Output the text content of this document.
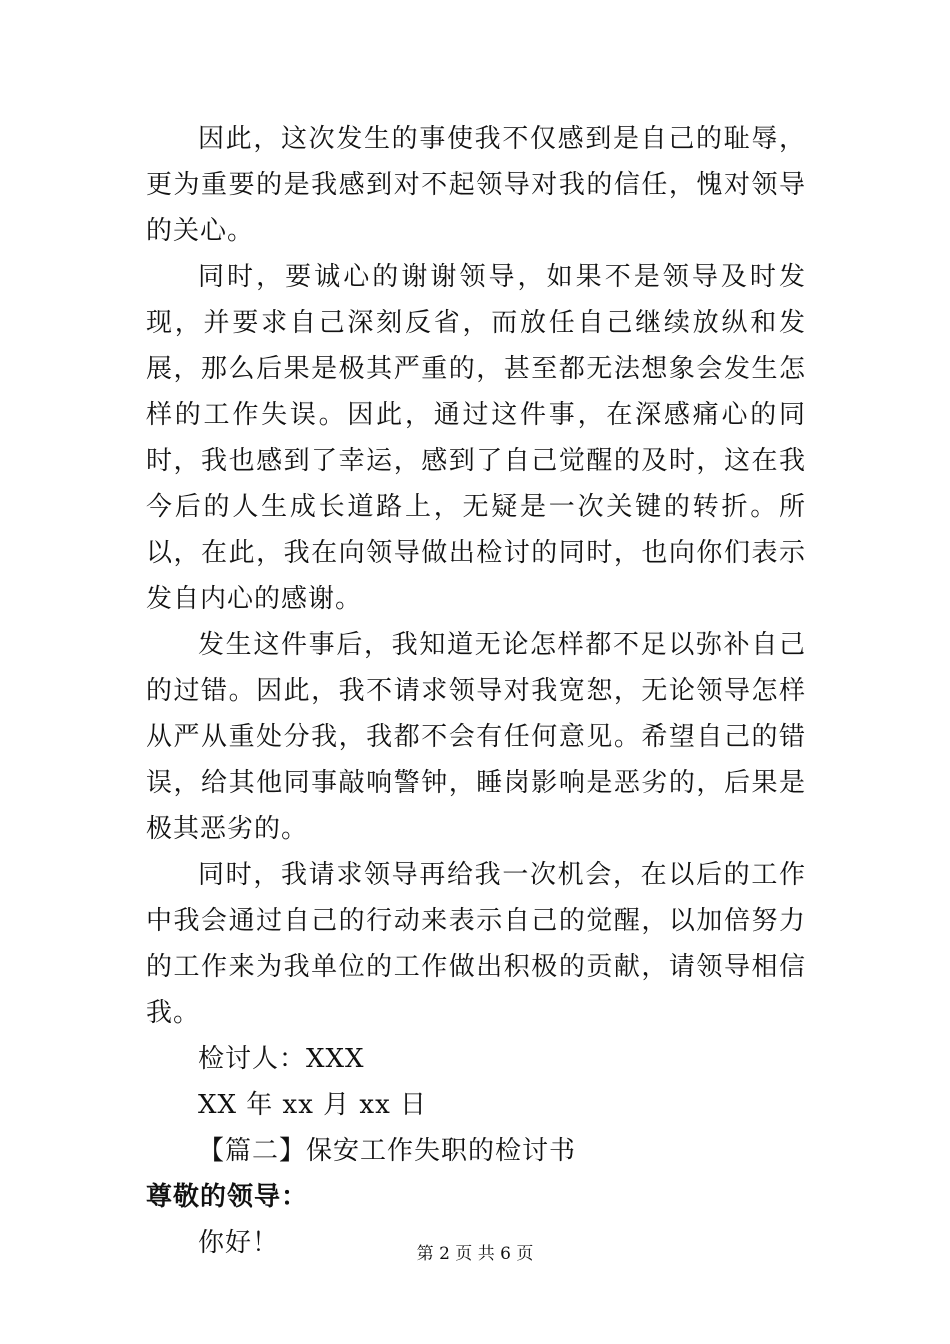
因此，这次发生的事使我不仅感到是自己的耻辱，更为重要的是我感到对不起领导对我的信任，愧对领导的关心。

同时，要诚心的谢谢领导，如果不是领导及时发现，并要求自己深刻反省，而放任自己继续放纵和发展，那么后果是极其严重的，甚至都无法想象会发生怎样的工作失误。因此，通过这件事，在深感痛心的同时，我也感到了幸运，感到了自己觉醒的及时，这在我今后的人生成长道路上，无疑是一次关键的转折。所以，在此，我在向领导做出检讨的同时，也向你们表示发自内心的感谢。

发生这件事后，我知道无论怎样都不足以弥补自己的过错。因此，我不请求领导对我宽恕，无论领导怎样从严从重处分我，我都不会有任何意见。希望自己的错误，给其他同事敲响警钟，睡岗影响是恶劣的，后果是极其恶劣的。

同时，我请求领导再给我一次机会，在以后的工作中我会通过自己的行动来表示自己的觉醒，以加倍努力的工作来为我单位的工作做出积极的贡献，请领导相信我。

检讨人：XXX

XX 年 xx 月 xx 日

【篇二】保安工作失职的检讨书

尊敬的领导：

你好！	第 2 页 共 6 页
